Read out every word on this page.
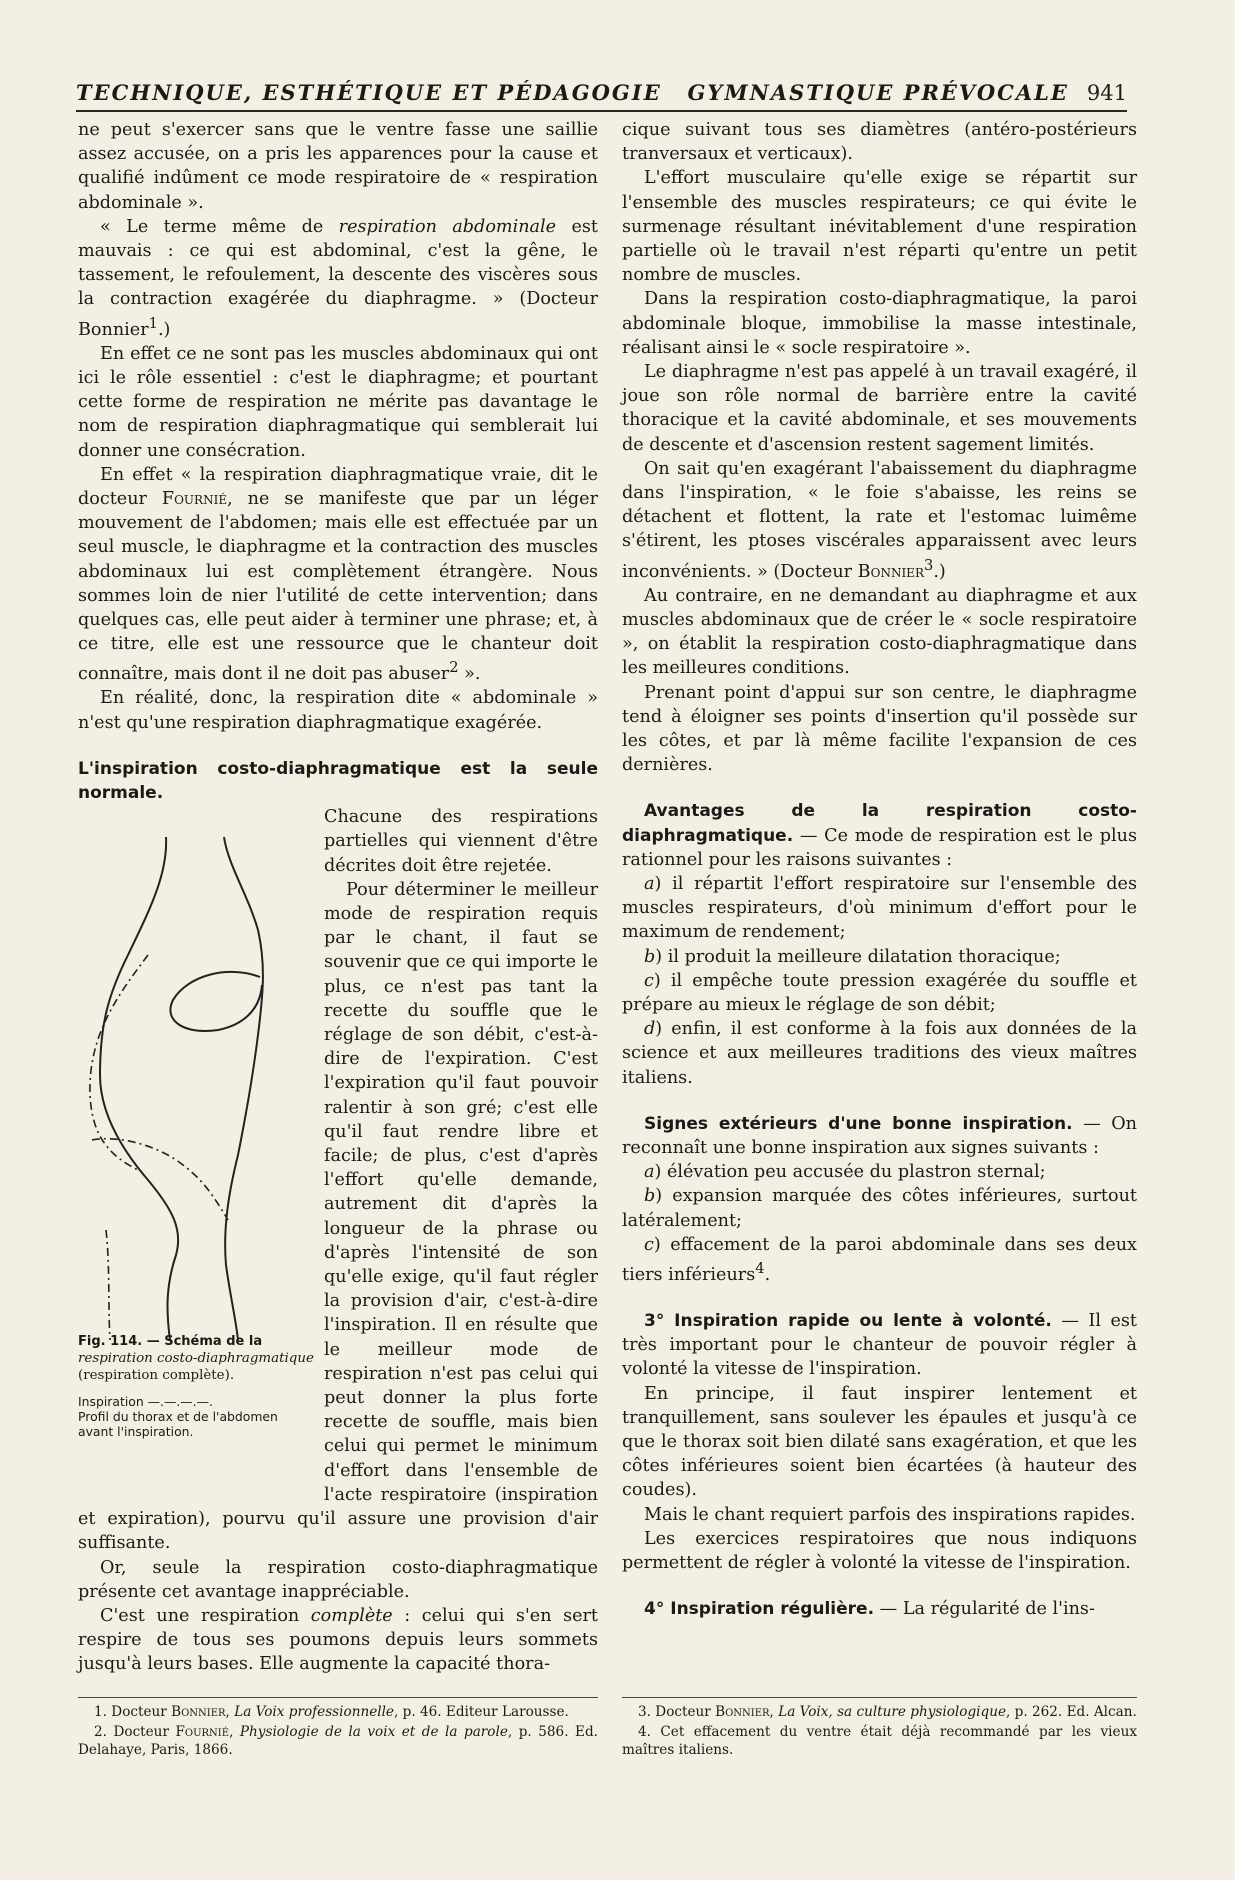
TECHNIQUE, ESTHÉTIQUE ET PÉDAGOGIE GYMNASTIQUE PRÉVOCALE 941

ne peut s'exercer sans que le ventre fasse une saillie assez accusée, on a pris les apparences pour la cause et qualifié indûment ce mode respiratoire de « respiration abdominale ».

« Le terme même de respiration abdominale est mauvais : ce qui est abdominal, c'est la gêne, le tassement, le refoulement, la descente des viscères sous la contraction exagérée du diaphragme. » (Docteur Bonnier$^1$.)

En effet ce ne sont pas les muscles abdominaux qui ont ici le rôle essentiel : c'est le diaphragme; et pourtant cette forme de respiration ne mérite pas davantage le nom de respiration diaphragmatique qui semblerait lui donner une consécration.

En effet « la respiration diaphragmatique vraie, dit le docteur Fournié, ne se manifeste que par un léger mouvement de l'abdomen; mais elle est effectuée par un seul muscle, le diaphragme et la contraction des muscles abdominaux lui est complètement étrangère. Nous sommes loin de nier l'utilité de cette intervention; dans quelques cas, elle peut aider à terminer une phrase; et, à ce titre, elle est une ressource que le chanteur doit connaître, mais dont il ne doit pas abuser$^2$ ».

En réalité, donc, la respiration dite « abdominale » n'est qu'une respiration diaphragmatique exagérée.

L'inspiration costo-diaphragmatique est la seule normale.

Fig. 114. — Schéma de la respiration costo-diaphragmatique (respiration complète).
Inspiration —.—.—.—.
Profil du thorax et de l'abdomen avant l'inspiration.

Chacune des respirations partielles qui viennent d'être décrites doit être rejetée.

Pour déterminer le meilleur mode de respiration requis par le chant, il faut se souvenir que ce qui importe le plus, ce n'est pas tant la recette du souffle que le réglage de son débit, c'est-à-dire de l'expiration. C'est l'expiration qu'il faut pouvoir ralentir à son gré; c'est elle qu'il faut rendre libre et facile; de plus, c'est d'après l'effort qu'elle demande, autrement dit d'après la longueur de la phrase ou d'après l'intensité de son qu'elle exige, qu'il faut régler la provision d'air, c'est-à-dire l'inspiration. Il en résulte que le meilleur mode de respiration n'est pas celui qui peut donner la plus forte recette de souffle, mais bien celui qui permet le minimum d'effort dans l'ensemble de l'acte respiratoire (inspiration et expiration), pourvu qu'il assure une provision d'air suffisante.

Or, seule la respiration costo-diaphragmatique présente cet avantage inappréciable.

C'est une respiration complète : celui qui s'en sert respire de tous ses poumons depuis leurs sommets jusqu'à leurs bases. Elle augmente la capacité thora-

cique suivant tous ses diamètres (antéro-postérieurs tranversaux et verticaux).

L'effort musculaire qu'elle exige se répartit sur l'ensemble des muscles respirateurs; ce qui évite le surmenage résultant inévitablement d'une respiration partielle où le travail n'est réparti qu'entre un petit nombre de muscles.

Dans la respiration costo-diaphragmatique, la paroi abdominale bloque, immobilise la masse intestinale, réalisant ainsi le « socle respiratoire ».

Le diaphragme n'est pas appelé à un travail exagéré, il joue son rôle normal de barrière entre la cavité thoracique et la cavité abdominale, et ses mouvements de descente et d'ascension restent sagement limités.

On sait qu'en exagérant l'abaissement du diaphragme dans l'inspiration, « le foie s'abaisse, les reins se détachent et flottent, la rate et l'estomac luimême s'étirent, les ptoses viscérales apparaissent avec leurs inconvénients. » (Docteur Bonnier$^3$.)

Au contraire, en ne demandant au diaphragme et aux muscles abdominaux que de créer le « socle respiratoire », on établit la respiration costo-diaphragmatique dans les meilleures conditions.

Prenant point d'appui sur son centre, le diaphragme tend à éloigner ses points d'insertion qu'il possède sur les côtes, et par là même facilite l'expansion de ces dernières.

Avantages de la respiration costo-diaphragmatique. — Ce mode de respiration est le plus rationnel pour les raisons suivantes :

a) il répartit l'effort respiratoire sur l'ensemble des muscles respirateurs, d'où minimum d'effort pour le maximum de rendement;

b) il produit la meilleure dilatation thoracique;

c) il empêche toute pression exagérée du souffle et prépare au mieux le réglage de son débit;

d) enfin, il est conforme à la fois aux données de la science et aux meilleures traditions des vieux maîtres italiens.

Signes extérieurs d'une bonne inspiration. — On reconnaît une bonne inspiration aux signes suivants :

a) élévation peu accusée du plastron sternal;

b) expansion marquée des côtes inférieures, surtout latéralement;

c) effacement de la paroi abdominale dans ses deux tiers inférieurs$^4$.

3° Inspiration rapide ou lente à volonté. — Il est très important pour le chanteur de pouvoir régler à volonté la vitesse de l'inspiration.

En principe, il faut inspirer lentement et tranquillement, sans soulever les épaules et jusqu'à ce que le thorax soit bien dilaté sans exagération, et que les côtes inférieures soient bien écartées (à hauteur des coudes).

Mais le chant requiert parfois des inspirations rapides.

Les exercices respiratoires que nous indiquons permettent de régler à volonté la vitesse de l'inspiration.

4° Inspiration régulière. — La régularité de l'ins-

1. Docteur Bonnier, La Voix professionnelle, p. 46. Editeur Larousse.

2. Docteur Fournié, Physiologie de la voix et de la parole, p. 586. Ed. Delahaye, Paris, 1866.

3. Docteur Bonnier, La Voix, sa culture physiologique, p. 262. Ed. Alcan.

4. Cet effacement du ventre était déjà recommandé par les vieux maîtres italiens.
